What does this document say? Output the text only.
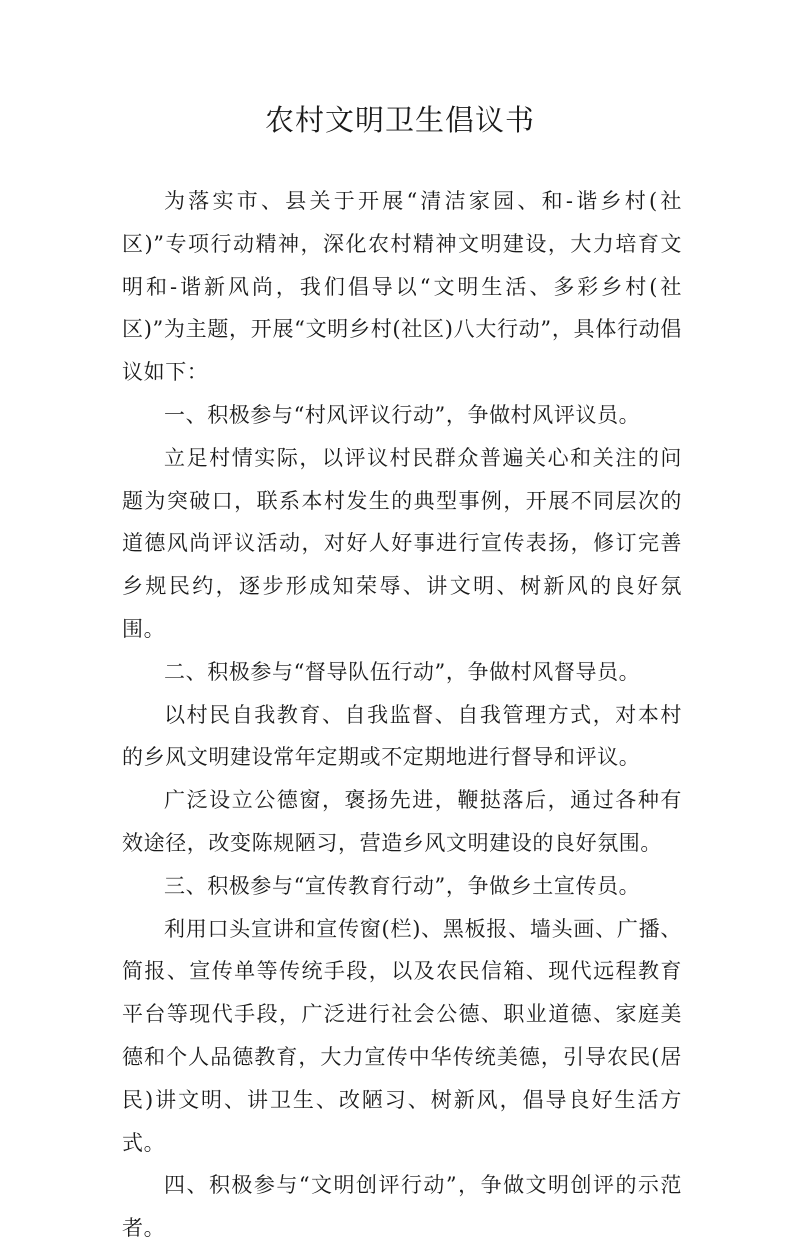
农村文明卫生倡议书

为落实市、县关于开展“清洁家园、和-谐乡村(社区)”专项行动精神，深化农村精神文明建设，大力培育文明和-谐新风尚，我们倡导以“文明生活、多彩乡村(社区)”为主题，开展“文明乡村(社区)八大行动”，具体行动倡议如下：

一、积极参与“村风评议行动”，争做村风评议员。

立足村情实际，以评议村民群众普遍关心和关注的问题为突破口，联系本村发生的典型事例，开展不同层次的道德风尚评议活动，对好人好事进行宣传表扬，修订完善乡规民约，逐步形成知荣辱、讲文明、树新风的良好氛围。

二、积极参与“督导队伍行动”，争做村风督导员。

以村民自我教育、自我监督、自我管理方式，对本村的乡风文明建设常年定期或不定期地进行督导和评议。

广泛设立公德窗，褒扬先进，鞭挞落后，通过各种有效途径，改变陈规陋习，营造乡风文明建设的良好氛围。

三、积极参与“宣传教育行动”，争做乡土宣传员。

利用口头宣讲和宣传窗(栏)、黑板报、墙头画、广播、简报、宣传单等传统手段，以及农民信箱、现代远程教育平台等现代手段，广泛进行社会公德、职业道德、家庭美德和个人品德教育，大力宣传中华传统美德，引导农民(居民)讲文明、讲卫生、改陋习、树新风，倡导良好生活方式。

四、积极参与“文明创评行动”，争做文明创评的示范者。
